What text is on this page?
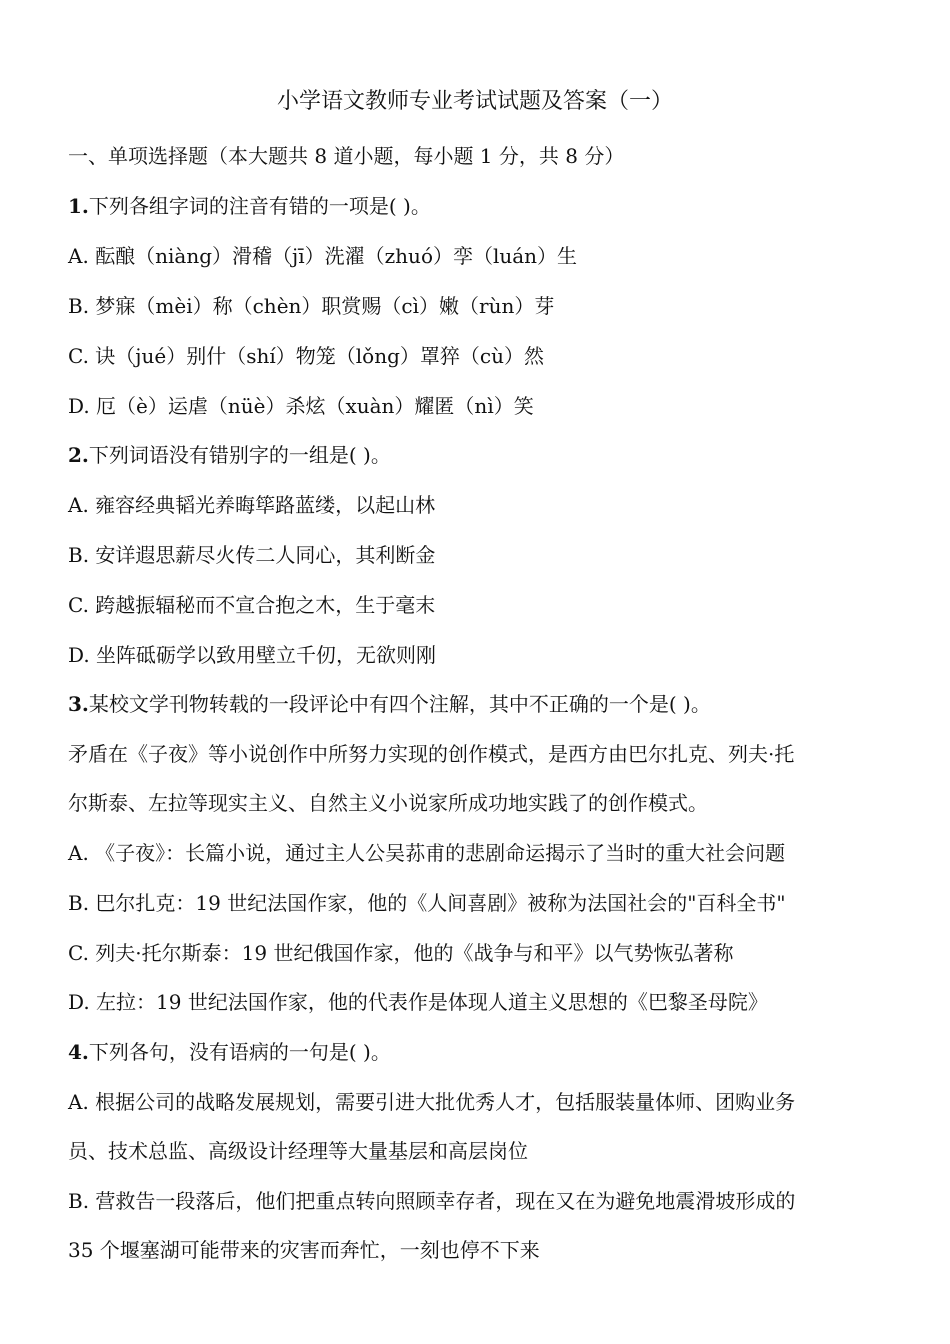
小学语文教师专业考试试题及答案（一）
一、单项选择题（本大题共 8 道小题，每小题 1 分，共 8 分）
1.下列各组字词的注音有错的一项是( )。
A. 酝酿（niàng）滑稽（jī）洗濯（zhuó）孪（luán）生
B. 梦寐（mèi）称（chèn）职赏赐（cì）嫩（rùn）芽
C. 诀（jué）别什（shí）物笼（lǒng）罩猝（cù）然
D. 厄（è）运虐（nüè）杀炫（xuàn）耀匿（nì）笑
2.下列词语没有错别字的一组是( )。
A. 雍容经典韬光养晦筚路蓝缕，以起山林
B. 安详遐思薪尽火传二人同心，其利断金
C. 跨越振辐秘而不宣合抱之木，生于毫末
D. 坐阵砥砺学以致用壁立千仞，无欲则刚
3.某校文学刊物转载的一段评论中有四个注解，其中不正确的一个是( )。
矛盾在《子夜》等小说创作中所努力实现的创作模式，是西方由巴尔扎克、列夫·托
尔斯泰、左拉等现实主义、自然主义小说家所成功地实践了的创作模式。
A. 《子夜》：长篇小说，通过主人公吴荪甫的悲剧命运揭示了当时的重大社会问题
B. 巴尔扎克：19 世纪法国作家，他的《人间喜剧》被称为法国社会的"百科全书"
C. 列夫·托尔斯泰：19 世纪俄国作家，他的《战争与和平》以气势恢弘著称
D. 左拉：19 世纪法国作家，他的代表作是体现人道主义思想的《巴黎圣母院》
4.下列各句，没有语病的一句是( )。
A. 根据公司的战略发展规划，需要引进大批优秀人才，包括服装量体师、团购业务
员、技术总监、高级设计经理等大量基层和高层岗位
B. 营救告一段落后，他们把重点转向照顾幸存者，现在又在为避免地震滑坡形成的
35 个堰塞湖可能带来的灾害而奔忙，一刻也停不下来
